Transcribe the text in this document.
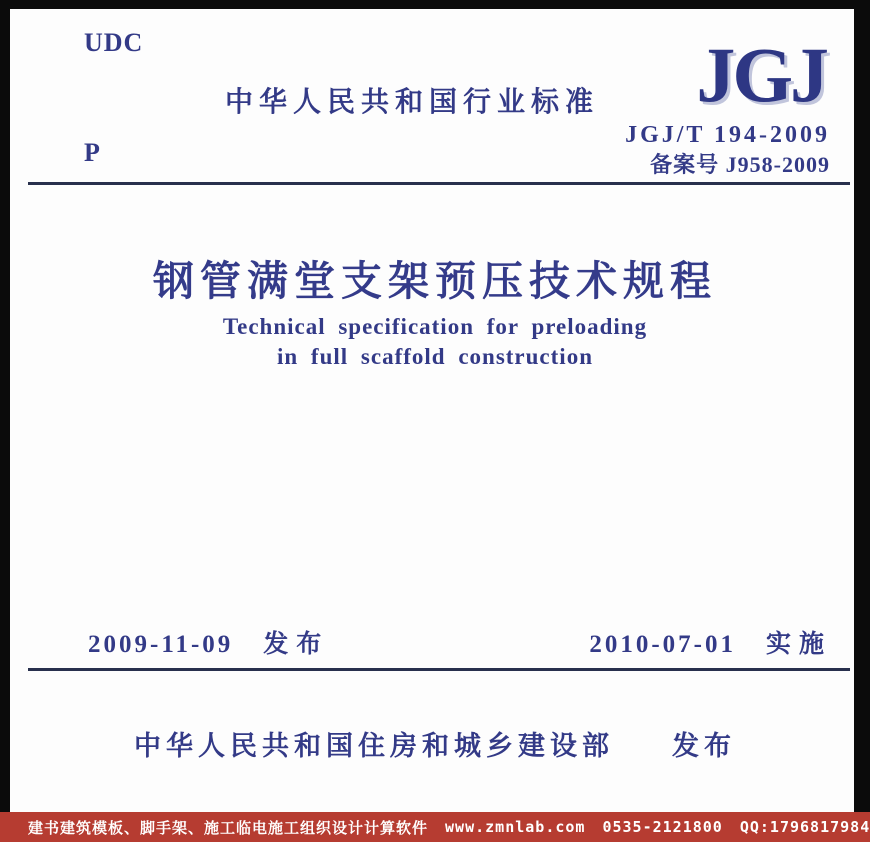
UDC
中华人民共和国行业标准	JGJ
JGJ/T 194-2009
备案号 J958-2009
P
钢管满堂支架预压技术规程
Technical specification for preloading
in full scaffold construction
2009-11-09 发布	2010-07-01 实施
中华人民共和国住房和城乡建设部 发布
建书建筑模板、脚手架、施工临电施工组织设计计算软件 www.zmnlab.com 0535-2121800 QQ:1796817984
